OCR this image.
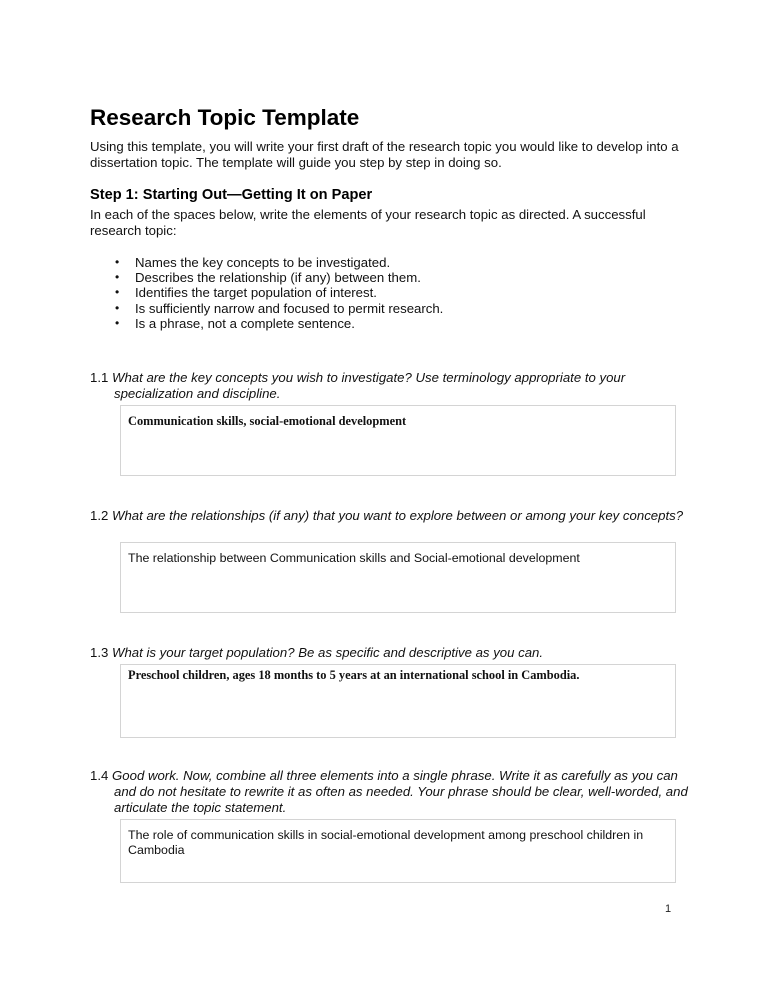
Research Topic Template

Using this template, you will write your first draft of the research topic you would like to develop into a dissertation topic. The template will guide you step by step in doing so.

Step 1: Starting Out—Getting It on Paper

In each of the spaces below, write the elements of your research topic as directed. A successful research topic:

• Names the key concepts to be investigated.
• Describes the relationship (if any) between them.
• Identifies the target population of interest.
• Is sufficiently narrow and focused to permit research.
• Is a phrase, not a complete sentence.

1.1 What are the key concepts you wish to investigate? Use terminology appropriate to your specialization and discipline.

Communication skills, social-emotional development

1.2 What are the relationships (if any) that you want to explore between or among your key concepts?

The relationship between Communication skills and Social-emotional development

1.3 What is your target population? Be as specific and descriptive as you can.

Preschool children, ages 18 months to 5 years at an international school in Cambodia.

1.4 Good work. Now, combine all three elements into a single phrase. Write it as carefully as you can and do not hesitate to rewrite it as often as needed. Your phrase should be clear, well-worded, and articulate the topic statement.

The role of communication skills in social-emotional development among preschool children in Cambodia
1
